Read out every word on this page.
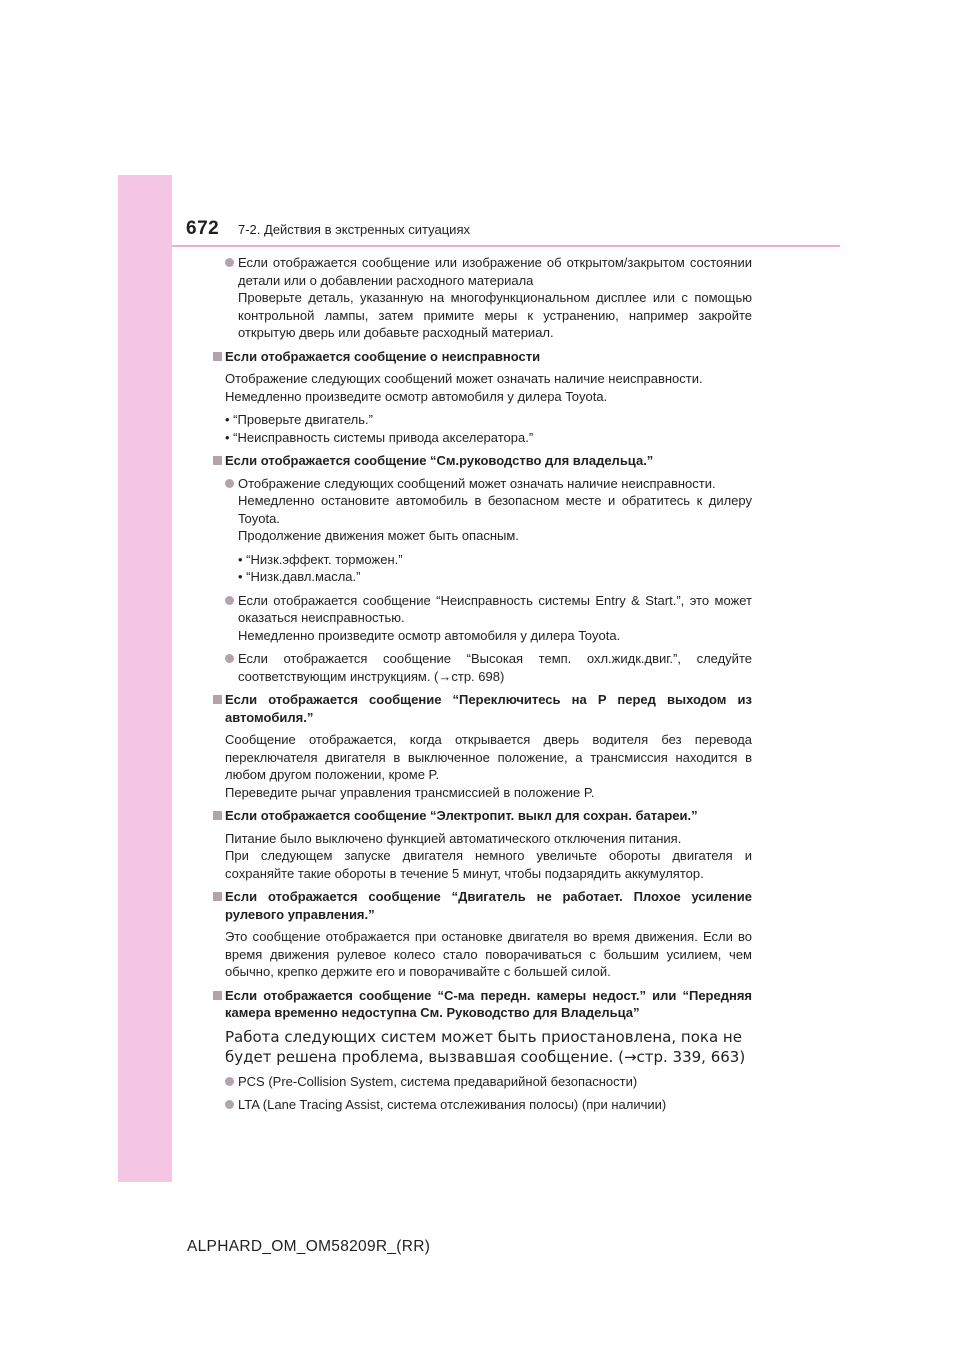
672 7-2. Действия в экстренных ситуациях

Если отображается сообщение или изображение об открытом/закрытом состоянии детали или о добавлении расходного материала

Проверьте деталь, указанную на многофункциональном дисплее или с помощью контрольной лампы, затем примите меры к устранению, например закройте открытую дверь или добавьте расходный материал.

Если отображается сообщение о неисправности

Отображение следующих сообщений может означать наличие неисправности.

Немедленно произведите осмотр автомобиля у дилера Toyota.

• “Проверьте двигатель.”

• “Неисправность системы привода акселератора.”

Если отображается сообщение “См.руководство для владельца.”

Отображение следующих сообщений может означать наличие неисправности.

Немедленно остановите автомобиль в безопасном месте и обратитесь к дилеру Toyota.

Продолжение движения может быть опасным.

• “Низк.эффект. торможен.”

• “Низк.давл.масла.”

Если отображается сообщение “Неисправность системы Entry & Start.”, это может оказаться неисправностью.

Немедленно произведите осмотр автомобиля у дилера Toyota.

Если отображается сообщение “Высокая темп. охл.жидк.двиг.”, следуйте соответствующим инструкциям. (→стр. 698)

Если отображается сообщение “Переключитесь на P перед выходом из автомобиля.”

Сообщение отображается, когда открывается дверь водителя без перевода переключателя двигателя в выключенное положение, а трансмиссия находится в любом другом положении, кроме P.

Переведите рычаг управления трансмиссией в положение P.

Если отображается сообщение “Электропит. выкл для сохран. батареи.”

Питание было выключено функцией автоматического отключения питания.

При следующем запуске двигателя немного увеличьте обороты двигателя и сохраняйте такие обороты в течение 5 минут, чтобы подзарядить аккумулятор.

Если отображается сообщение “Двигатель не работает. Плохое усиление рулевого управления.”

Это сообщение отображается при остановке двигателя во время движения. Если во время движения рулевое колесо стало поворачиваться с большим усилием, чем обычно, крепко держите его и поворачивайте с большей силой.

Если отображается сообщение “С-ма передн. камеры недост.” или “Передняя камера временно недоступна См. Руководство для Владельца”

Работа следующих систем может быть приостановлена, пока не будет решена проблема, вызвавшая сообщение. (→стр. 339, 663)

PCS (Pre-Collision System, система предаварийной безопасности)

LTA (Lane Tracing Assist, система отслеживания полосы) (при наличии)

ALPHARD_OM_OM58209R_(RR)
